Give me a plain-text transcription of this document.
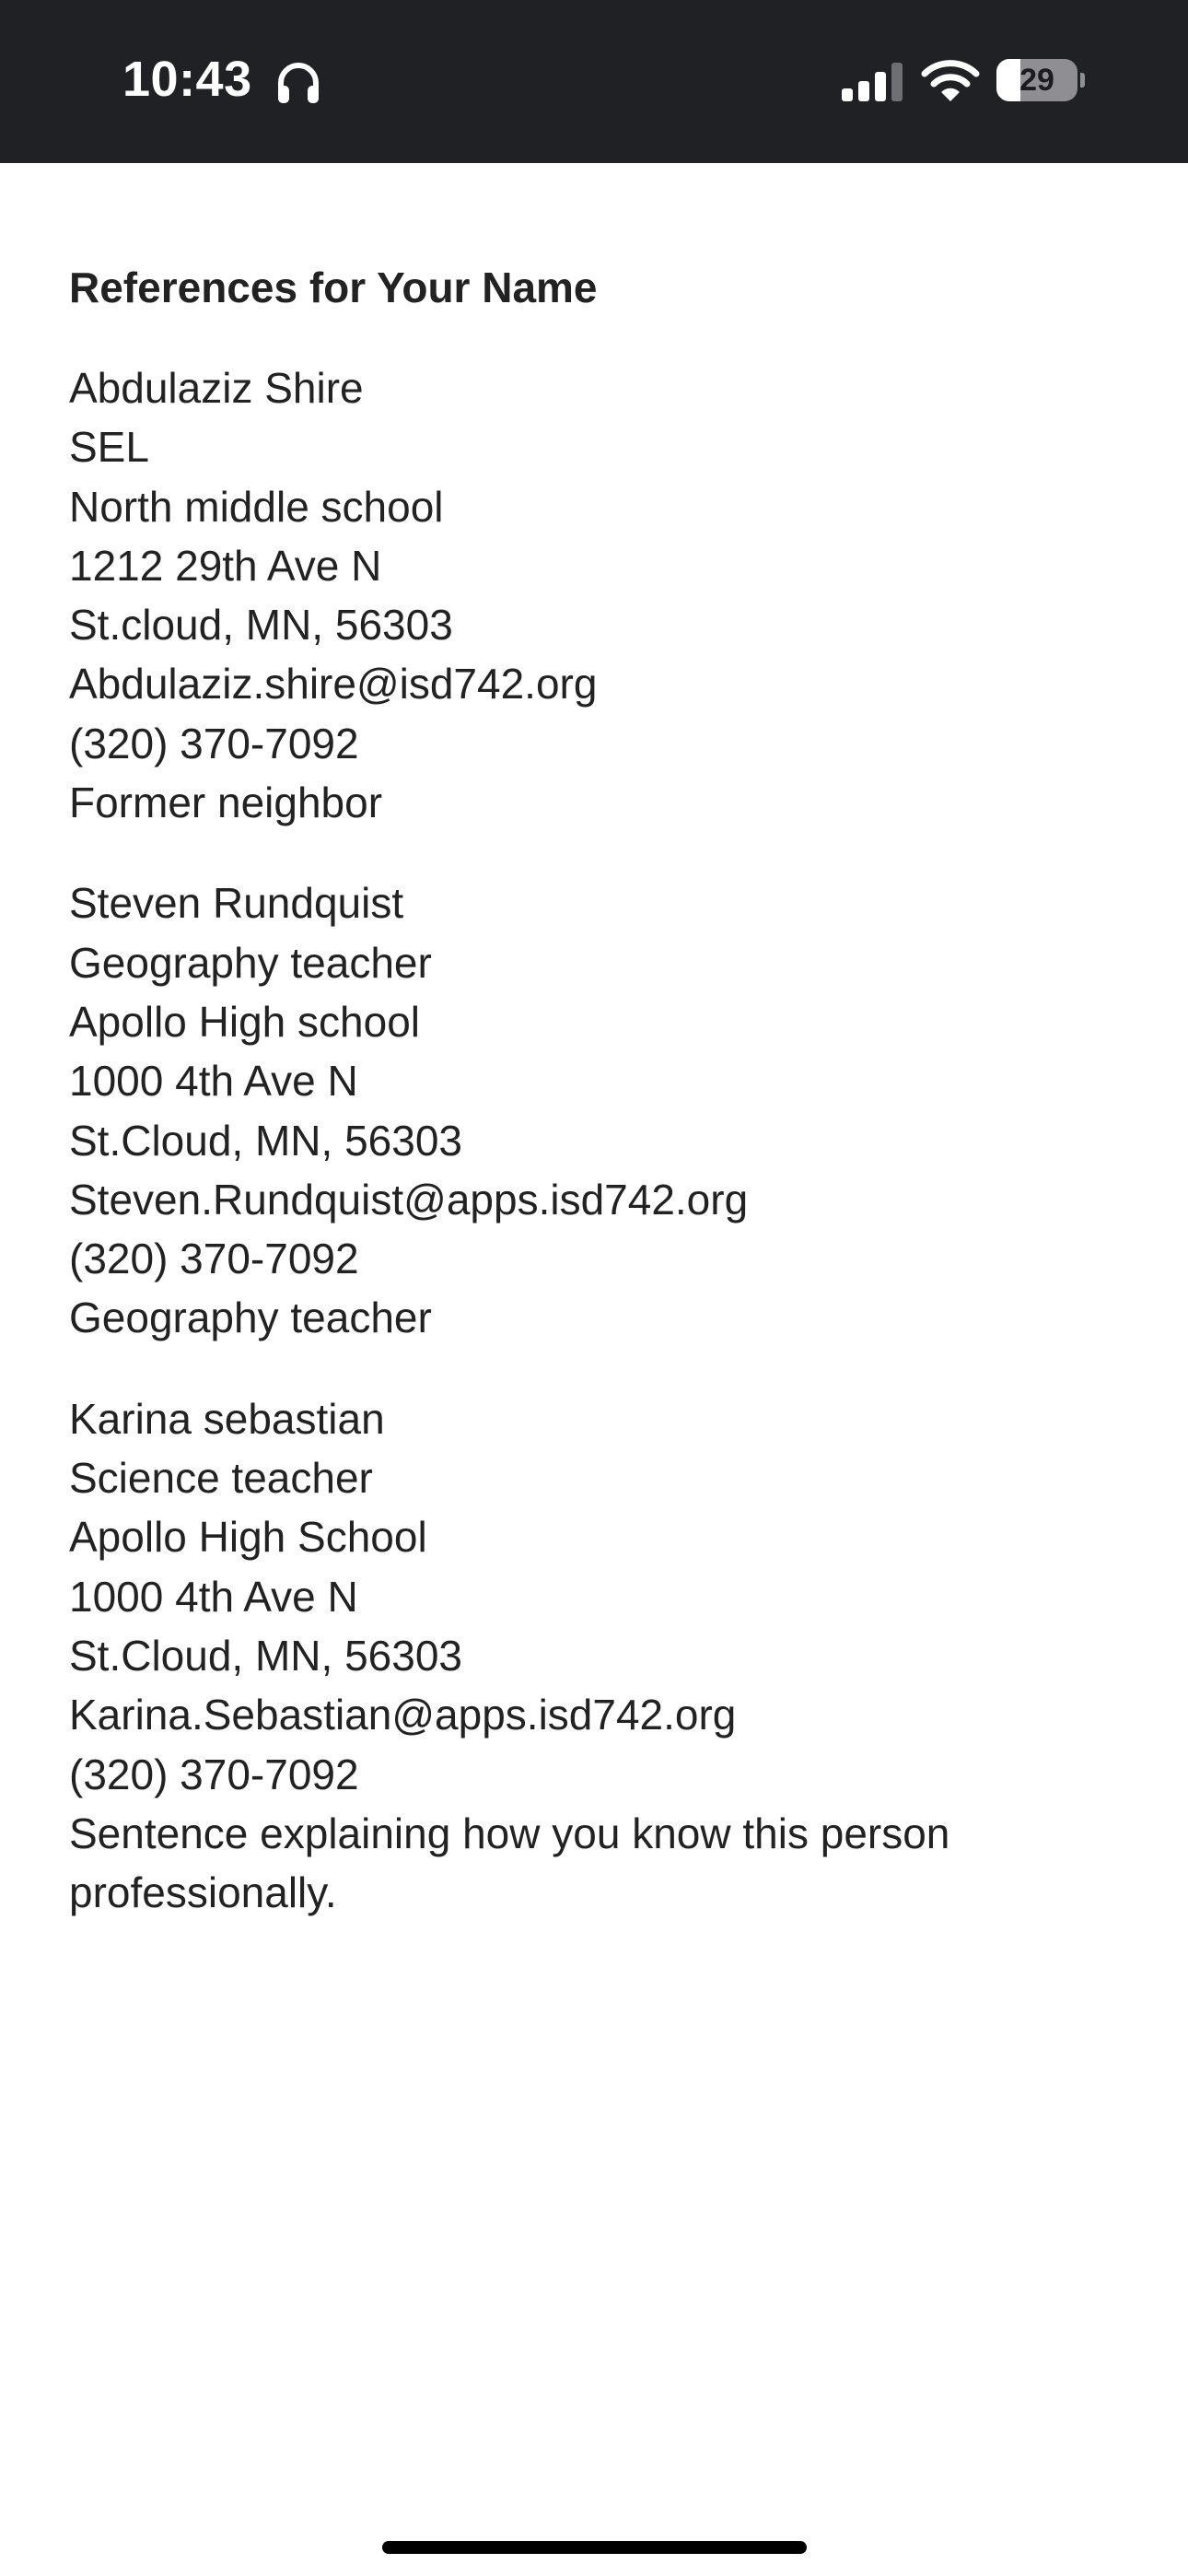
10:43	29
References for Your Name
Abdulaziz Shire
SEL
North middle school
1212 29th Ave N
St.cloud, MN, 56303
Abdulaziz.shire@isd742.org
(320) 370-7092
Former neighbor
Steven Rundquist
Geography teacher
Apollo High school
1000 4th Ave N
St.Cloud, MN, 56303
Steven.Rundquist@apps.isd742.org
(320) 370-7092
Geography teacher
Karina sebastian
Science teacher
Apollo High School
1000 4th Ave N
St.Cloud, MN, 56303
Karina.Sebastian@apps.isd742.org
(320) 370-7092
Sentence explaining how you know this person
professionally.
